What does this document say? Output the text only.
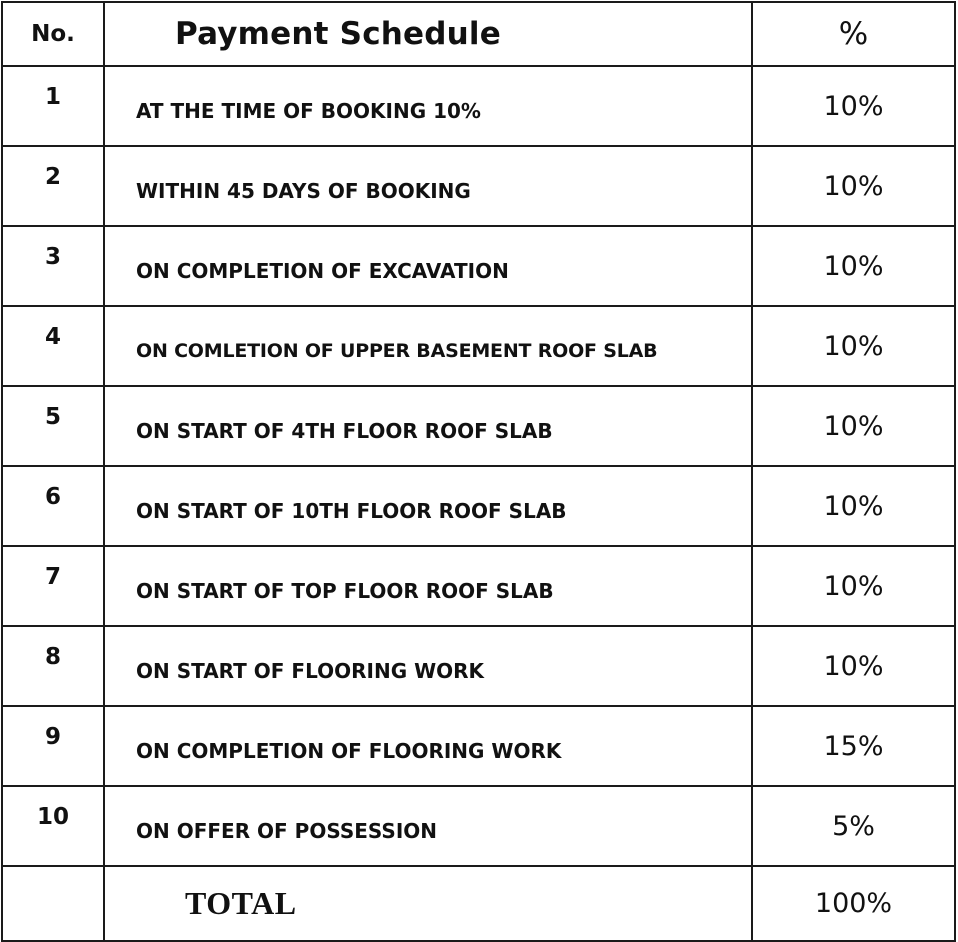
No.	Payment Schedule	%
1	AT THE TIME OF BOOKING 10%	10%
2	WITHIN 45 DAYS OF BOOKING	10%
3	ON COMPLETION OF EXCAVATION	10%
4	ON COMLETION OF UPPER BASEMENT ROOF SLAB	10%
5	ON START OF 4TH FLOOR ROOF SLAB	10%
6	ON START OF 10TH FLOOR ROOF SLAB	10%
7	ON START OF TOP FLOOR ROOF SLAB	10%
8	ON START OF FLOORING WORK	10%
9	ON COMPLETION OF FLOORING WORK	15%
10	ON OFFER OF POSSESSION	5%
	TOTAL	100%
